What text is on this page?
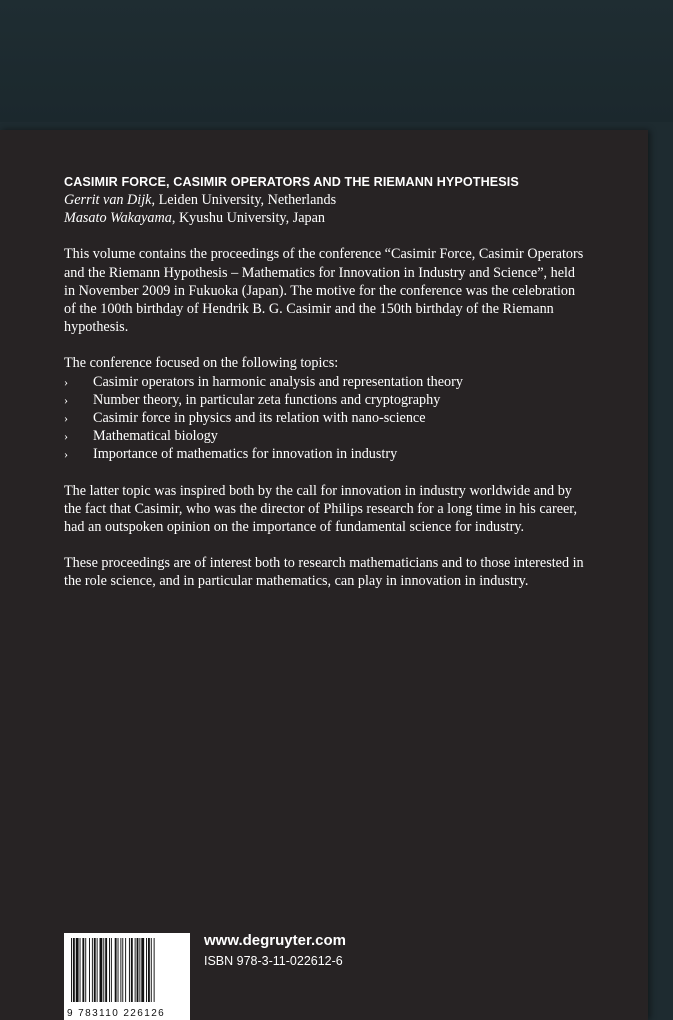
CASIMIR FORCE, CASIMIR OPERATORS AND THE RIEMANN HYPOTHESIS
Gerrit van Dijk, Leiden University, Netherlands
Masato Wakayama, Kyushu University, Japan

This volume contains the proceedings of the conference “Casimir Force, Casimir Operators and the Riemann Hypothesis – Mathematics for Innovation in Industry and Science”, held in November 2009 in Fukuoka (Japan). The motive for the conference was the celebration of the 100th birthday of Hendrik B. G. Casimir and the 150th birthday of the Riemann hypothesis.

The conference focused on the following topics:

› Casimir operators in harmonic analysis and representation theory
› Number theory, in particular zeta functions and cryptography
› Casimir force in physics and its relation with nano-science
› Mathematical biology
› Importance of mathematics for innovation in industry

The latter topic was inspired both by the call for innovation in industry worldwide and by the fact that Casimir, who was the director of Philips research for a long time in his career, had an outspoken opinion on the importance of fundamental science for industry.

These proceedings are of interest both to research mathematicians and to those interested in the role science, and in particular mathematics, can play in innovation in industry.

9 783110 226126
www.degruyter.com
ISBN 978-3-11-022612-6
